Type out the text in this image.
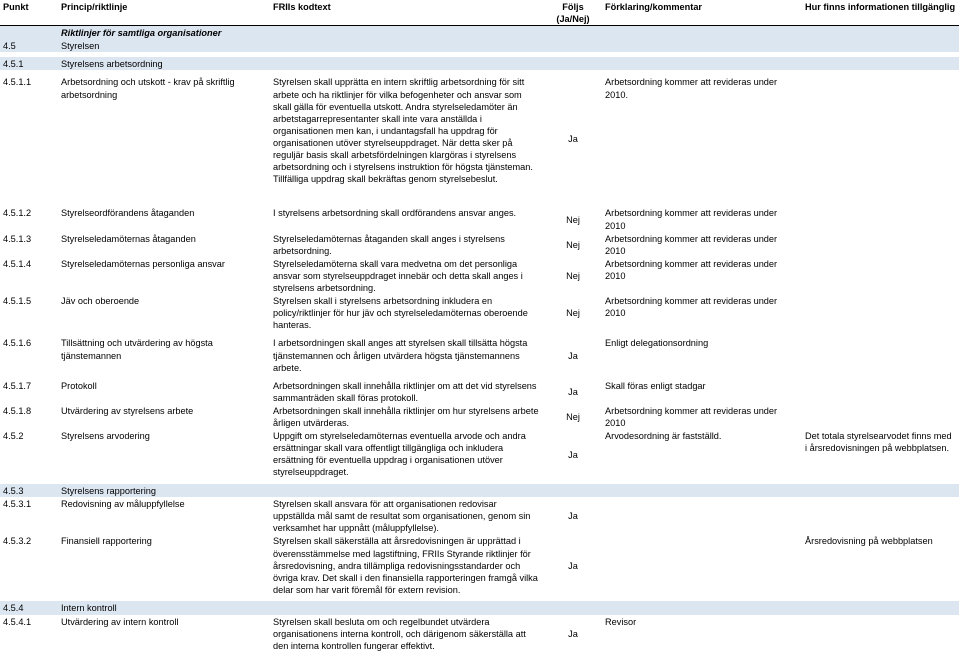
Punkt	Princip/riktlinje	FRIIs kodtext	Följs (Ja/Nej)	Förklaring/kommentar	Hur finns informationen tillgänglig
	Riktlinjer för samtliga organisationer				
4.5	Styrelsen				

4.5.1	Styrelsens arbetsordning				

4.5.1.1	Arbetsordning och utskott - krav på skriftlig arbetsordning	Styrelsen skall upprätta en intern skriftlig arbetsordning för sitt arbete och ha riktlinjer för vilka befogenheter och ansvar som skall gälla för eventuella utskott. Andra styrelseledamöter än arbetstagarrepresentanter skall inte vara anställda i organisationen men kan, i undantagsfall ha uppdrag för organisationen utöver styrelseuppdraget. När detta sker på reguljär basis skall arbetsfördelningen klargöras i styrelsens arbetsordning och i styrelsens instruktion för högsta tjänsteman. Tillfälliga uppdrag skall bekräftas genom styrelsebeslut.	Ja	Arbetsordning kommer att revideras under 2010.	

4.5.1.2	Styrelseordförandens åtaganden	I styrelsens arbetsordning skall ordförandens ansvar anges.	Nej	Arbetsordning kommer att revideras under 2010	
4.5.1.3	Styrelseledamöternas åtaganden	Styrelseledamöternas åtaganden skall anges i styrelsens arbetsordning.	Nej	Arbetsordning kommer att revideras under 2010	
4.5.1.4	Styrelseledamöternas personliga ansvar	Styrelseledamöterna skall vara medvetna om det personliga ansvar som styrelseuppdraget innebär och detta skall anges i styrelsens arbetsordning.	Nej	Arbetsordning kommer att revideras under 2010	
4.5.1.5	Jäv och oberoende	Styrelsen skall i styrelsens arbetsordning inkludera en policy/riktlinjer för hur jäv och styrelseledamöternas oberoende hanteras.	Nej	Arbetsordning kommer att revideras under 2010	

4.5.1.6	Tillsättning och utvärdering av högsta tjänstemannen	I arbetsordningen skall anges att styrelsen skall tillsätta högsta tjänstemannen och årligen utvärdera högsta tjänstemannens arbete.	Ja	Enligt delegationsordning	

4.5.1.7	Protokoll	Arbetsordningen skall innehålla riktlinjer om att det vid styrelsens sammanträden skall föras protokoll.	Ja	Skall föras enligt stadgar	
4.5.1.8	Utvärdering av styrelsens arbete	Arbetsordningen skall innehålla riktlinjer om hur styrelsens arbete årligen utvärderas.	Nej	Arbetsordning kommer att revideras under 2010	
4.5.2	Styrelsens arvodering	Uppgift om styrelseledamöternas eventuella arvode och andra ersättningar skall vara offentligt tillgängliga och inkludera ersättning för eventuella uppdrag i organisationen utöver styrelseuppdraget.	Ja	Arvodesordning är fastställd.	Det totala styrelsearvodet finns med i årsredovisningen på webbplatsen.

4.5.3	Styrelsens rapportering				
4.5.3.1	Redovisning av måluppfyllelse	Styrelsen skall ansvara för att organisationen redovisar uppställda mål samt de resultat som organisationen, genom sin verksamhet har uppnått (måluppfyllelse).	Ja		
4.5.3.2	Finansiell rapportering	Styrelsen skall säkerställa att årsredovisningen är upprättad i överensstämmelse med lagstiftning, FRIIs Styrande riktlinjer för årsredovisning, andra tillämpliga redovisningsstandarder och övriga krav. Det skall i den finansiella rapporteringen framgå vilka delar som har varit föremål för extern revision.	Ja		Årsredovisning på webbplatsen

4.5.4	Intern kontroll				
4.5.4.1	Utvärdering av intern kontroll	Styrelsen skall besluta om och regelbundet utvärdera organisationens interna kontroll, och därigenom säkerställa att den interna kontrollen fungerar effektivt.	Ja	Revisor	
